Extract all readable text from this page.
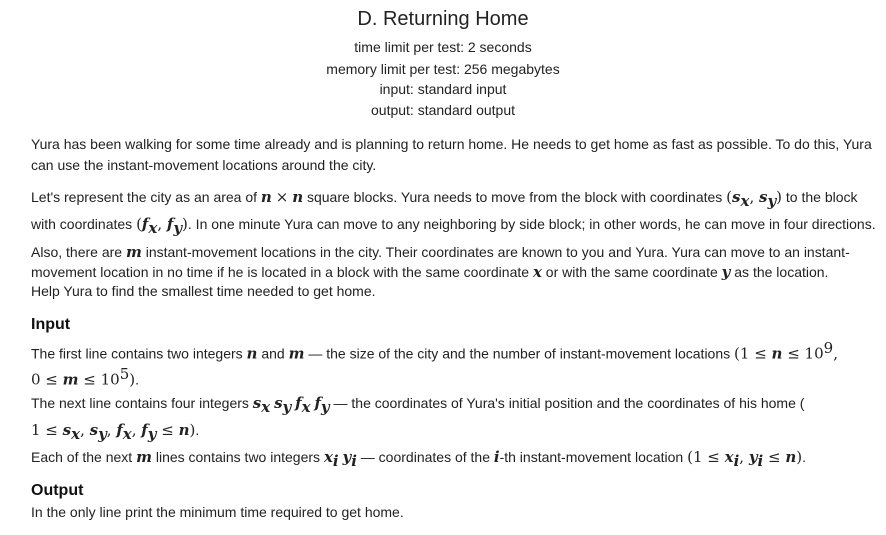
D. Returning Home
time limit per test: 2 seconds
memory limit per test: 256 megabytes
input: standard input
output: standard output
Yura has been walking for some time already and is planning to return home. He needs to get home as fast as possible. To do this, Yura can use the instant-movement locations around the city.
Let's represent the city as an area of n × n square blocks. Yura needs to move from the block with coordinates ($s_x$, $s_y$) to the block with coordinates ($f_x$, $f_y$). In one minute Yura can move to any neighboring by side block; in other words, he can move in four directions. Also, there are m instant-movement locations in the city. Their coordinates are known to you and Yura. Yura can move to an instant-movement location in no time if he is located in a block with the same coordinate x or with the same coordinate y as the location.
Help Yura to find the smallest time needed to get home.
Input
The first line contains two integers n and m — the size of the city and the number of instant-movement locations ($1 \le n \le 10^9$,
$0 \le m \le 10^5$).
The next line contains four integers $s_x$ $s_y$ $f_x$ $f_y$ — the coordinates of Yura's initial position and the coordinates of his home (
$1 \le s_x$, $s_y$, $f_x$, $f_y \le n$).
Each of the next m lines contains two integers $x_i$ $y_i$ — coordinates of the i-th instant-movement location ($1 \le x_i$, $y_i \le n$).
Output
In the only line print the minimum time required to get home.
